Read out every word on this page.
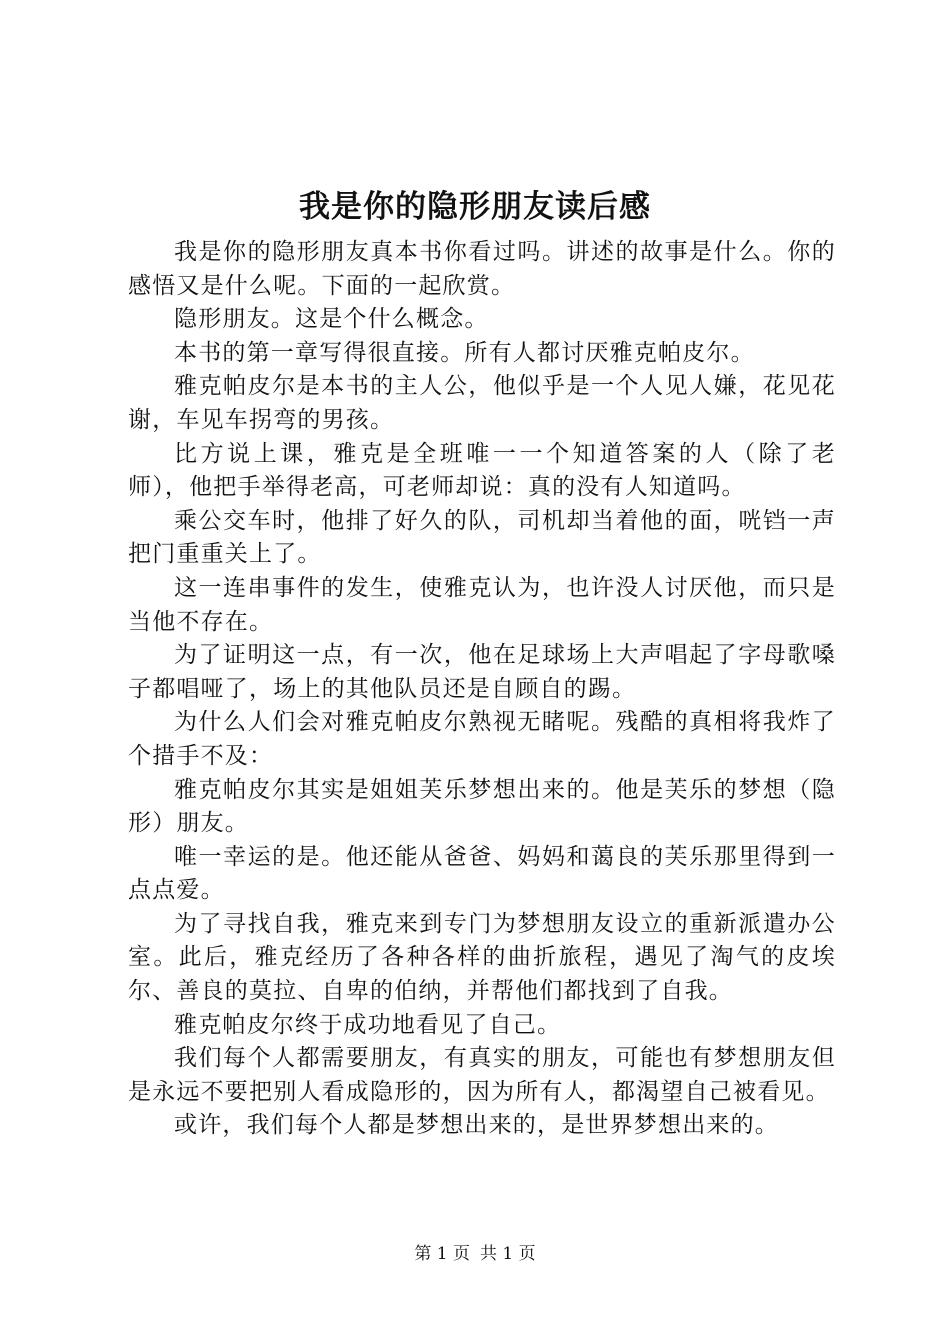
我是你的隐形朋友读后感

我是你的隐形朋友真本书你看过吗。讲述的故事是什么。你的感悟又是什么呢。下面的一起欣赏。

隐形朋友。这是个什么概念。

本书的第一章写得很直接。所有人都讨厌雅克帕皮尔。

雅克帕皮尔是本书的主人公，他似乎是一个人见人嫌，花见花谢，车见车拐弯的男孩。

比方说上课，雅克是全班唯一一个知道答案的人（除了老师），他把手举得老高，可老师却说：真的没有人知道吗。

乘公交车时，他排了好久的队，司机却当着他的面，咣铛一声把门重重关上了。

这一连串事件的发生，使雅克认为，也许没人讨厌他，而只是当他不存在。

为了证明这一点，有一次，他在足球场上大声唱起了字母歌嗓子都唱哑了，场上的其他队员还是自顾自的踢。

为什么人们会对雅克帕皮尔熟视无睹呢。残酷的真相将我炸了个措手不及：

雅克帕皮尔其实是姐姐芙乐梦想出来的。他是芙乐的梦想（隐形）朋友。

唯一幸运的是。他还能从爸爸、妈妈和蔼良的芙乐那里得到一点点爱。

为了寻找自我，雅克来到专门为梦想朋友设立的重新派遣办公室。此后，雅克经历了各种各样的曲折旅程，遇见了淘气的皮埃尔、善良的莫拉、自卑的伯纳，并帮他们都找到了自我。

雅克帕皮尔终于成功地看见了自己。

我们每个人都需要朋友，有真实的朋友，可能也有梦想朋友但是永远不要把别人看成隐形的，因为所有人，都渴望自己被看见。

或许，我们每个人都是梦想出来的，是世界梦想出来的。

第 1 页 共 1 页
